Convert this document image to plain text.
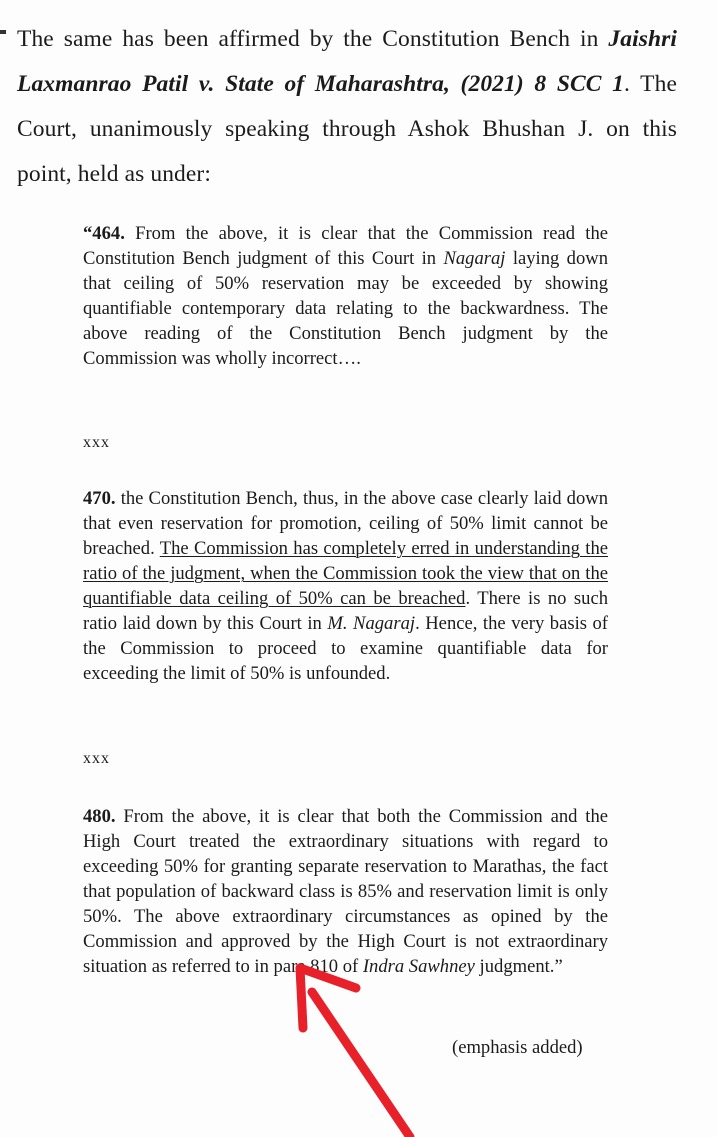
The same has been affirmed by the Constitution Bench in Jaishri Laxmanrao Patil v. State of Maharashtra, (2021) 8 SCC 1. The Court, unanimously speaking through Ashok Bhushan J. on this point, held as under:

“464. From the above, it is clear that the Commission read the Constitution Bench judgment of this Court in Nagaraj laying down that ceiling of 50% reservation may be exceeded by showing quantifiable contemporary data relating to the backwardness. The above reading of the Constitution Bench judgment by the Commission was wholly incorrect….

xxx

470. the Constitution Bench, thus, in the above case clearly laid down that even reservation for promotion, ceiling of 50% limit cannot be breached. The Commission has completely erred in understanding the ratio of the judgment, when the Commission took the view that on the quantifiable data ceiling of 50% can be breached. There is no such ratio laid down by this Court in M. Nagaraj. Hence, the very basis of the Commission to proceed to examine quantifiable data for exceeding the limit of 50% is unfounded.

xxx

480. From the above, it is clear that both the Commission and the High Court treated the extraordinary situations with regard to exceeding 50% for granting separate reservation to Marathas, the fact that population of backward class is 85% and reservation limit is only 50%. The above extraordinary circumstances as opined by the Commission and approved by the High Court is not extraordinary situation as referred to in para 810 of Indra Sawhney judgment.”

(emphasis added)
